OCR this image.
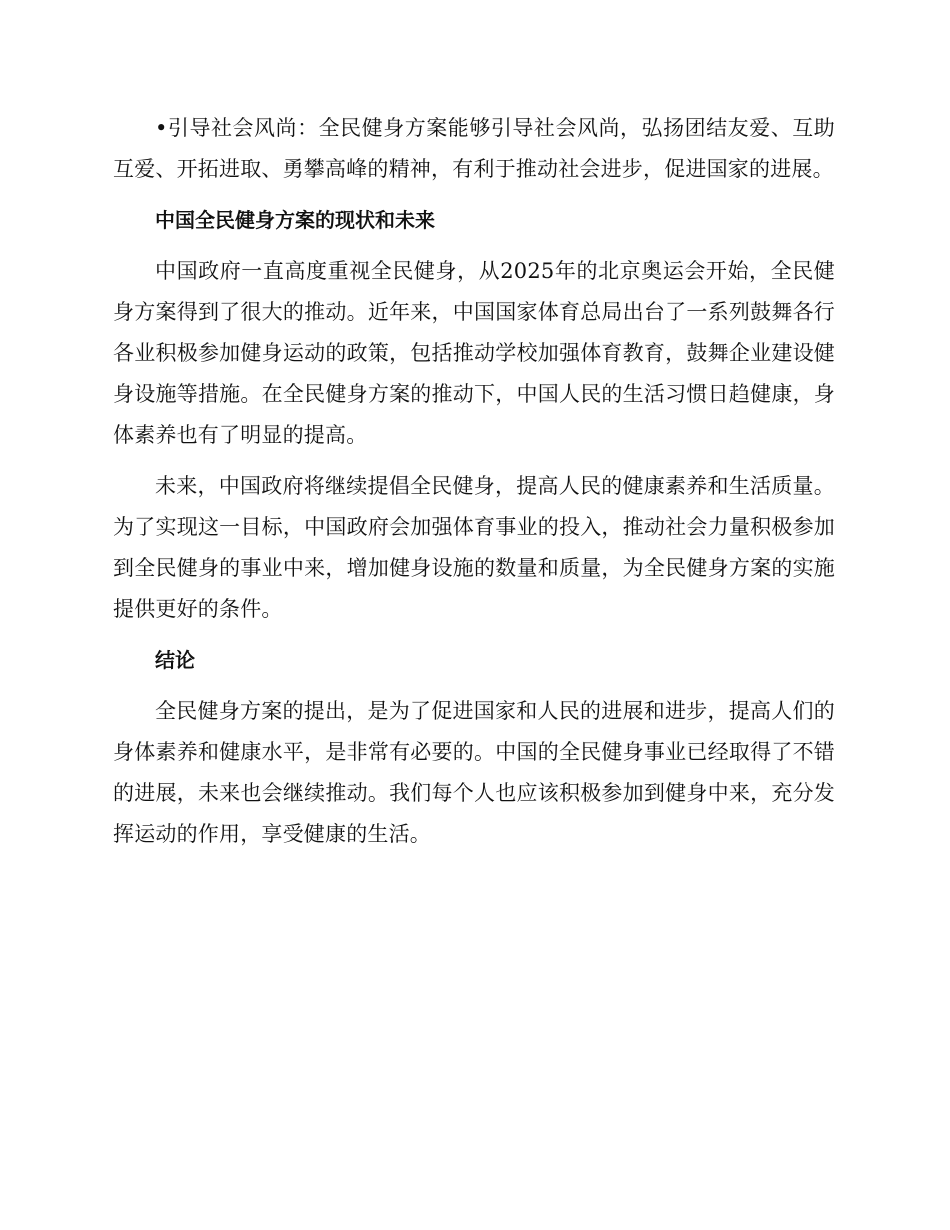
•引导社会风尚：全民健身方案能够引导社会风尚，弘扬团结友爱、互助互爱、开拓进取、勇攀高峰的精神，有利于推动社会进步，促进国家的进展。

中国全民健身方案的现状和未来

中国政府一直高度重视全民健身，从2025年的北京奥运会开始，全民健身方案得到了很大的推动。近年来，中国国家体育总局出台了一系列鼓舞各行各业积极参加健身运动的政策，包括推动学校加强体育教育，鼓舞企业建设健身设施等措施。在全民健身方案的推动下，中国人民的生活习惯日趋健康，身体素养也有了明显的提高。

未来，中国政府将继续提倡全民健身，提高人民的健康素养和生活质量。为了实现这一目标，中国政府会加强体育事业的投入，推动社会力量积极参加到全民健身的事业中来，增加健身设施的数量和质量，为全民健身方案的实施提供更好的条件。

结论

全民健身方案的提出，是为了促进国家和人民的进展和进步，提高人们的身体素养和健康水平，是非常有必要的。中国的全民健身事业已经取得了不错的进展，未来也会继续推动。我们每个人也应该积极参加到健身中来，充分发挥运动的作用，享受健康的生活。
